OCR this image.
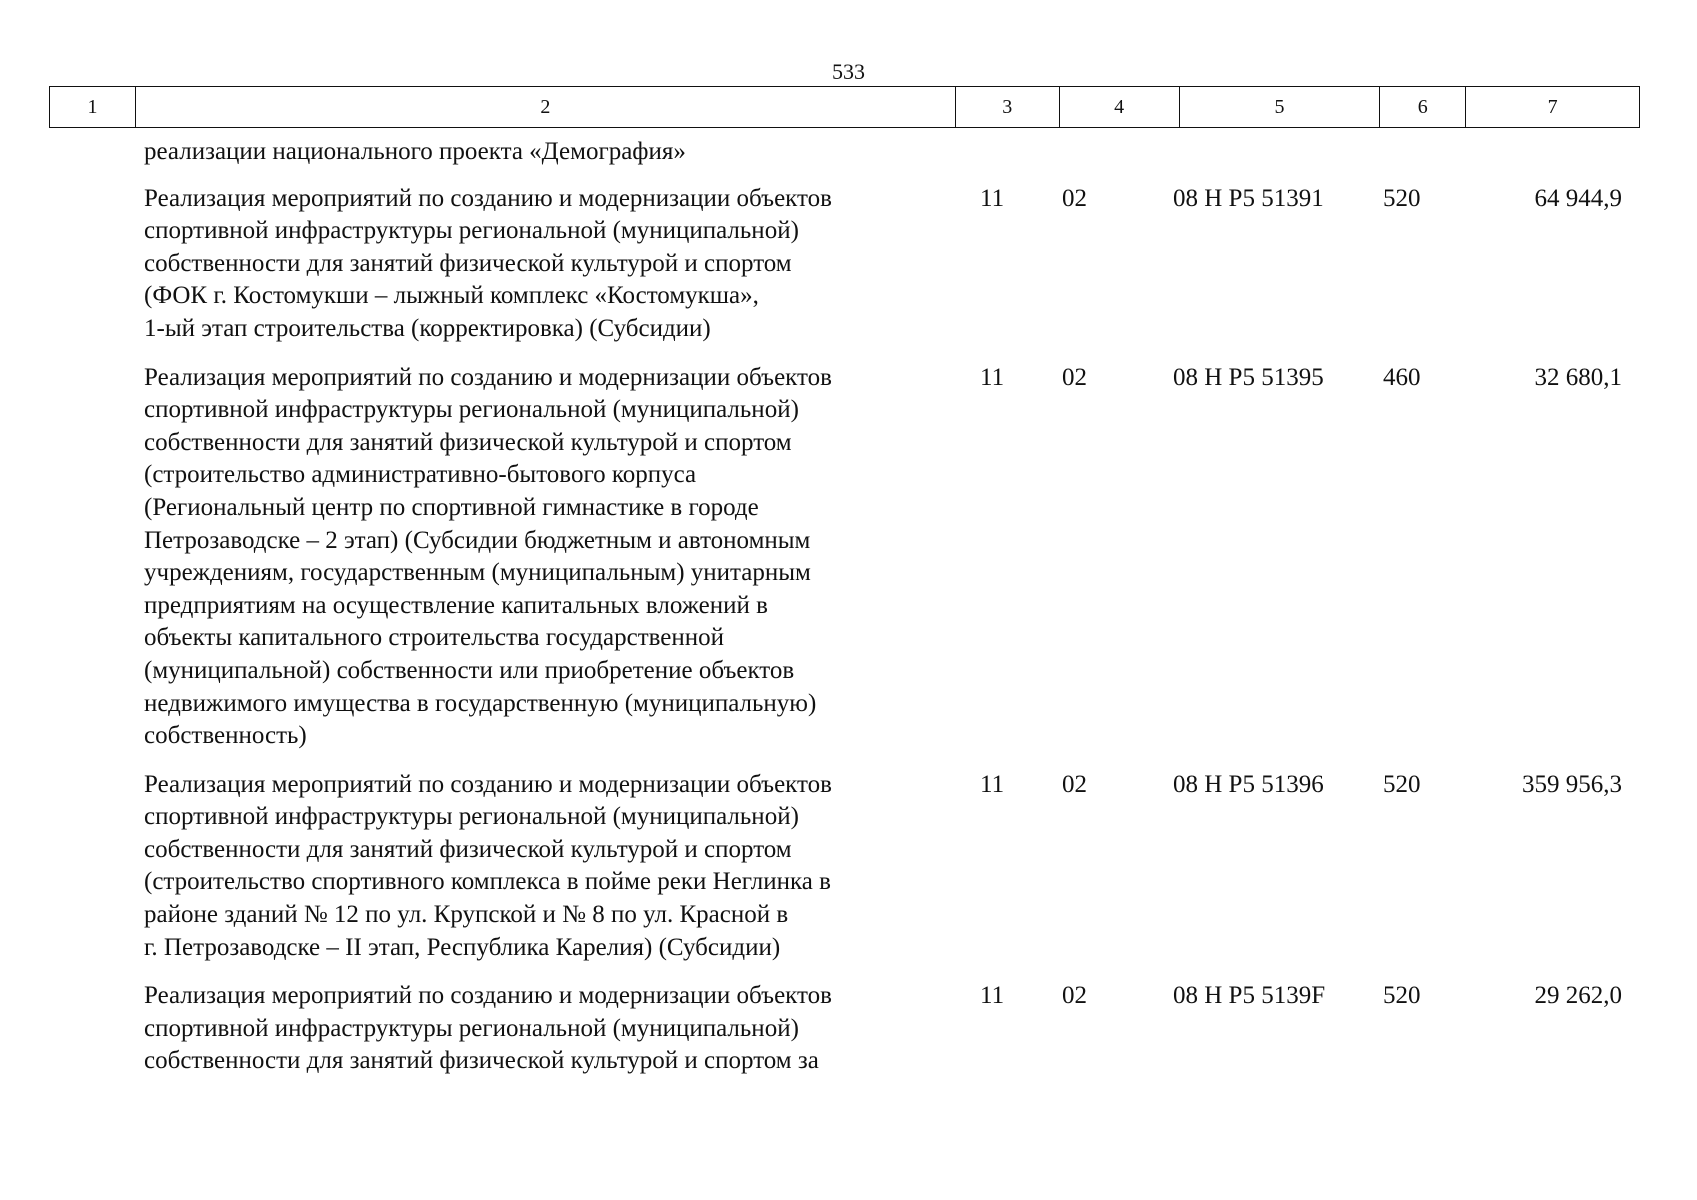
533
1	2	3	4	5	6	7
реализации национального проекта «Демография»
Реализация мероприятий по созданию и модернизации объектов
спортивной инфраструктуры региональной (муниципальной)
собственности для занятий физической культурой и спортом
(ФОК г. Костомукши – лыжный комплекс «Костомукша»,
1-ый этап строительства (корректировка) (Субсидии)
11	02	08 Н Р5 51391	520	64 944,9
Реализация мероприятий по созданию и модернизации объектов
спортивной инфраструктуры региональной (муниципальной)
собственности для занятий физической культурой и спортом
(строительство административно-бытового корпуса
(Региональный центр по спортивной гимнастике в городе
Петрозаводске – 2 этап) (Субсидии бюджетным и автономным
учреждениям, государственным (муниципальным) унитарным
предприятиям на осуществление капитальных вложений в
объекты капитального строительства государственной
(муниципальной) собственности или приобретение объектов
недвижимого имущества в государственную (муниципальную)
собственность)
11	02	08 Н Р5 51395	460	32 680,1
Реализация мероприятий по созданию и модернизации объектов
спортивной инфраструктуры региональной (муниципальной)
собственности для занятий физической культурой и спортом
(строительство спортивного комплекса в пойме реки Неглинка в
районе зданий № 12 по ул. Крупской и № 8 по ул. Красной в
г. Петрозаводске – II этап, Республика Карелия) (Субсидии)
11	02	08 Н Р5 51396	520	359 956,3
Реализация мероприятий по созданию и модернизации объектов
спортивной инфраструктуры региональной (муниципальной)
собственности для занятий физической культурой и спортом за
11	02	08 Н Р5 5139F	520	29 262,0
